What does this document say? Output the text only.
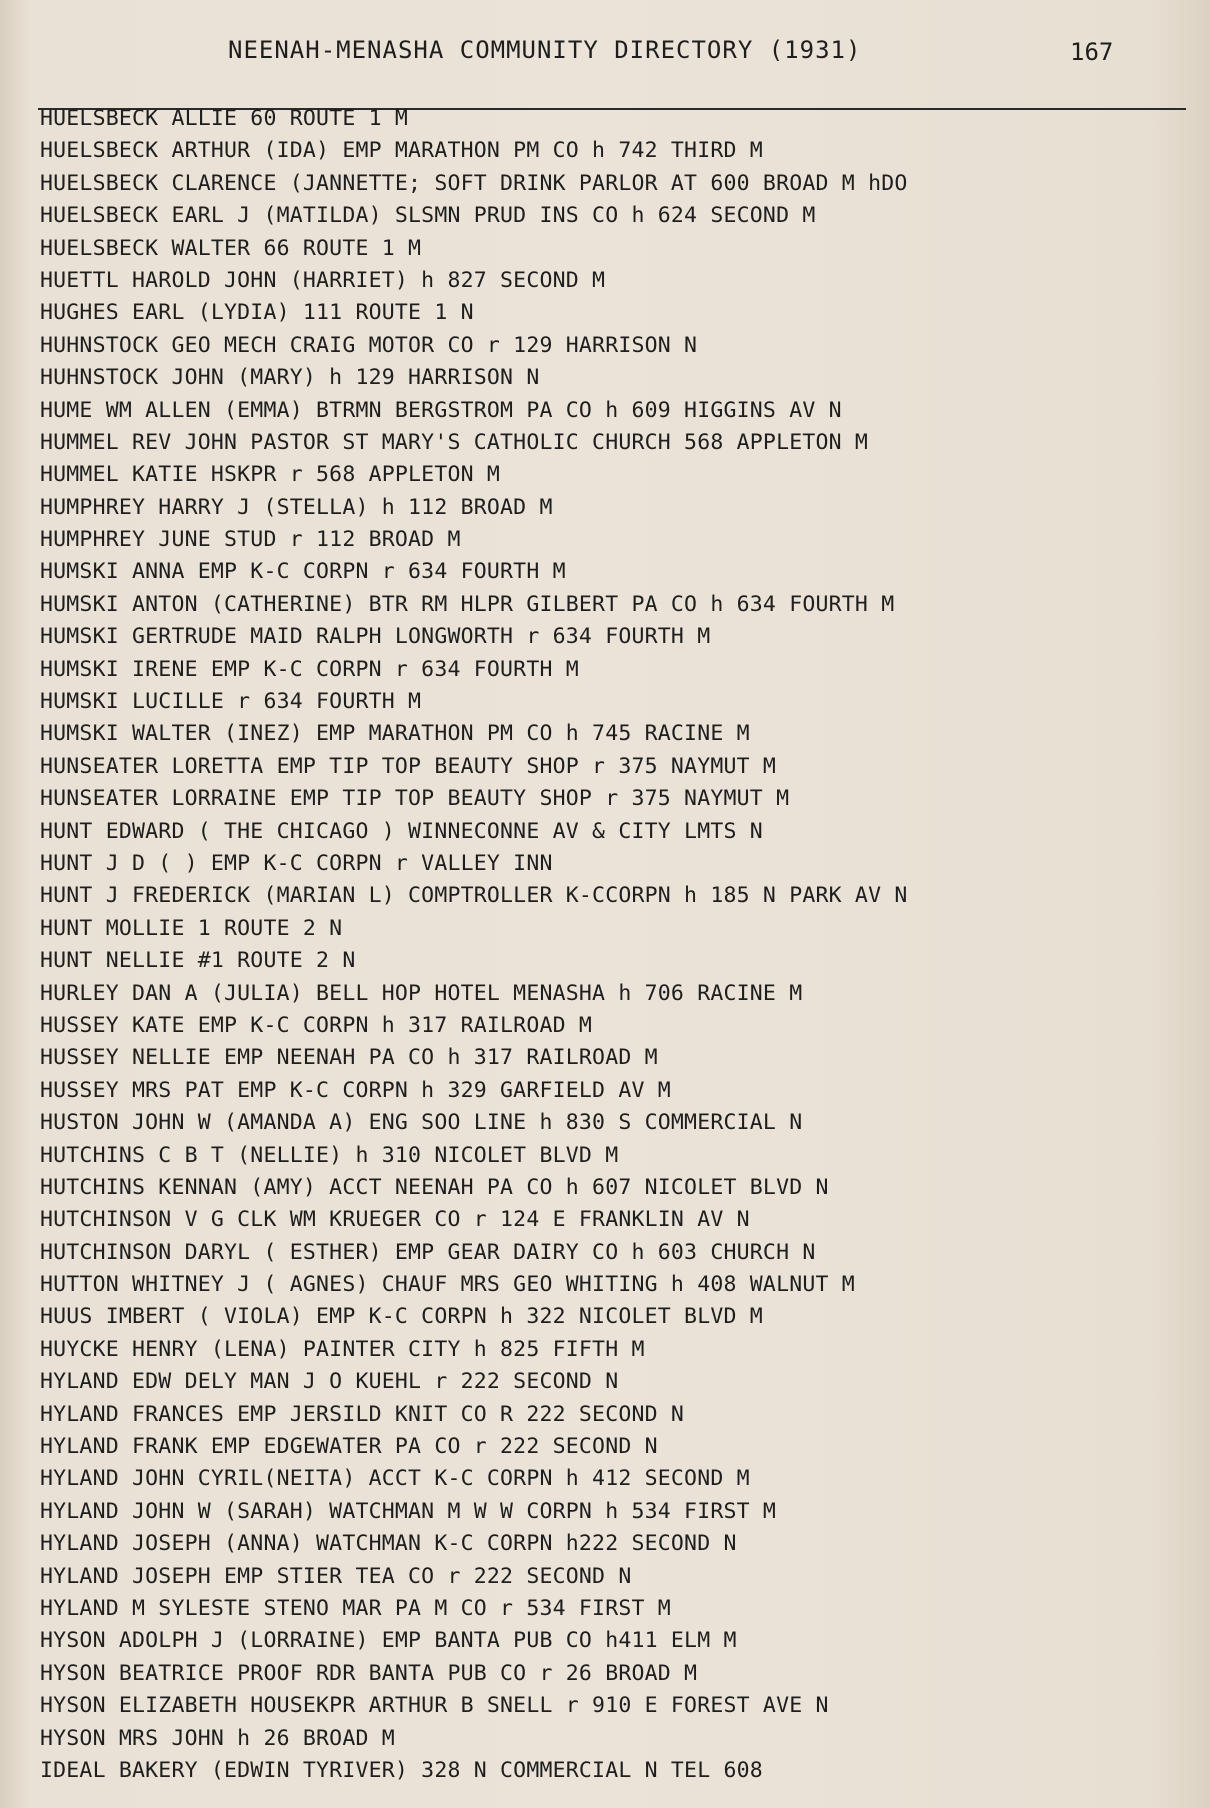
NEENAH-MENASHA COMMUNITY DIRECTORY (1931)	167
HUELSBECK ALLIE 60 ROUTE 1 M
HUELSBECK ARTHUR (IDA) EMP MARATHON PM CO h 742 THIRD M
HUELSBECK CLARENCE (JANNETTE; SOFT DRINK PARLOR AT 600 BROAD M hDO
HUELSBECK EARL J (MATILDA) SLSMN PRUD INS CO h 624 SECOND M
HUELSBECK WALTER 66 ROUTE 1 M
HUETTL HAROLD JOHN (HARRIET) h 827 SECOND M
HUGHES EARL (LYDIA) 111 ROUTE 1 N
HUHNSTOCK GEO MECH CRAIG MOTOR CO r 129 HARRISON N
HUHNSTOCK JOHN (MARY) h 129 HARRISON N
HUME WM ALLEN (EMMA) BTRMN BERGSTROM PA CO h 609 HIGGINS AV N
HUMMEL REV JOHN PASTOR ST MARY'S CATHOLIC CHURCH 568 APPLETON M
HUMMEL KATIE HSKPR r 568 APPLETON M
HUMPHREY HARRY J (STELLA) h 112 BROAD M
HUMPHREY JUNE STUD r 112 BROAD M
HUMSKI ANNA EMP K-C CORPN r 634 FOURTH M
HUMSKI ANTON (CATHERINE) BTR RM HLPR GILBERT PA CO h 634 FOURTH M
HUMSKI GERTRUDE MAID RALPH LONGWORTH r 634 FOURTH M
HUMSKI IRENE EMP K-C CORPN r 634 FOURTH M
HUMSKI LUCILLE r 634 FOURTH M
HUMSKI WALTER (INEZ) EMP MARATHON PM CO h 745 RACINE M
HUNSEATER LORETTA EMP TIP TOP BEAUTY SHOP r 375 NAYMUT M
HUNSEATER LORRAINE EMP TIP TOP BEAUTY SHOP r 375 NAYMUT M
HUNT EDWARD ( THE CHICAGO ) WINNECONNE AV & CITY LMTS N
HUNT J D ( ) EMP K-C CORPN r VALLEY INN
HUNT J FREDERICK (MARIAN L) COMPTROLLER K-CCORPN h 185 N PARK AV N
HUNT MOLLIE 1 ROUTE 2 N
HUNT NELLIE #1 ROUTE 2 N
HURLEY DAN A (JULIA) BELL HOP HOTEL MENASHA h 706 RACINE M
HUSSEY KATE EMP K-C CORPN h 317 RAILROAD M
HUSSEY NELLIE EMP NEENAH PA CO h 317 RAILROAD M
HUSSEY MRS PAT EMP K-C CORPN h 329 GARFIELD AV M
HUSTON JOHN W (AMANDA A) ENG SOO LINE h 830 S COMMERCIAL N
HUTCHINS C B T (NELLIE) h 310 NICOLET BLVD M
HUTCHINS KENNAN (AMY) ACCT NEENAH PA CO h 607 NICOLET BLVD N
HUTCHINSON V G CLK WM KRUEGER CO r 124 E FRANKLIN AV N
HUTCHINSON DARYL ( ESTHER) EMP GEAR DAIRY CO h 603 CHURCH N
HUTTON WHITNEY J ( AGNES) CHAUF MRS GEO WHITING h 408 WALNUT M
HUUS IMBERT ( VIOLA) EMP K-C CORPN h 322 NICOLET BLVD M
HUYCKE HENRY (LENA) PAINTER CITY h 825 FIFTH M
HYLAND EDW DELY MAN J O KUEHL r 222 SECOND N
HYLAND FRANCES EMP JERSILD KNIT CO R 222 SECOND N
HYLAND FRANK EMP EDGEWATER PA CO r 222 SECOND N
HYLAND JOHN CYRIL(NEITA) ACCT K-C CORPN h 412 SECOND M
HYLAND JOHN W (SARAH) WATCHMAN M W W CORPN h 534 FIRST M
HYLAND JOSEPH (ANNA) WATCHMAN K-C CORPN h222 SECOND N
HYLAND JOSEPH EMP STIER TEA CO r 222 SECOND N
HYLAND M SYLESTE STENO MAR PA M CO r 534 FIRST M
HYSON ADOLPH J (LORRAINE) EMP BANTA PUB CO h411 ELM M
HYSON BEATRICE PROOF RDR BANTA PUB CO r 26 BROAD M
HYSON ELIZABETH HOUSEKPR ARTHUR B SNELL r 910 E FOREST AVE N
HYSON MRS JOHN h 26 BROAD M
IDEAL BAKERY (EDWIN TYRIVER) 328 N COMMERCIAL N TEL 608
